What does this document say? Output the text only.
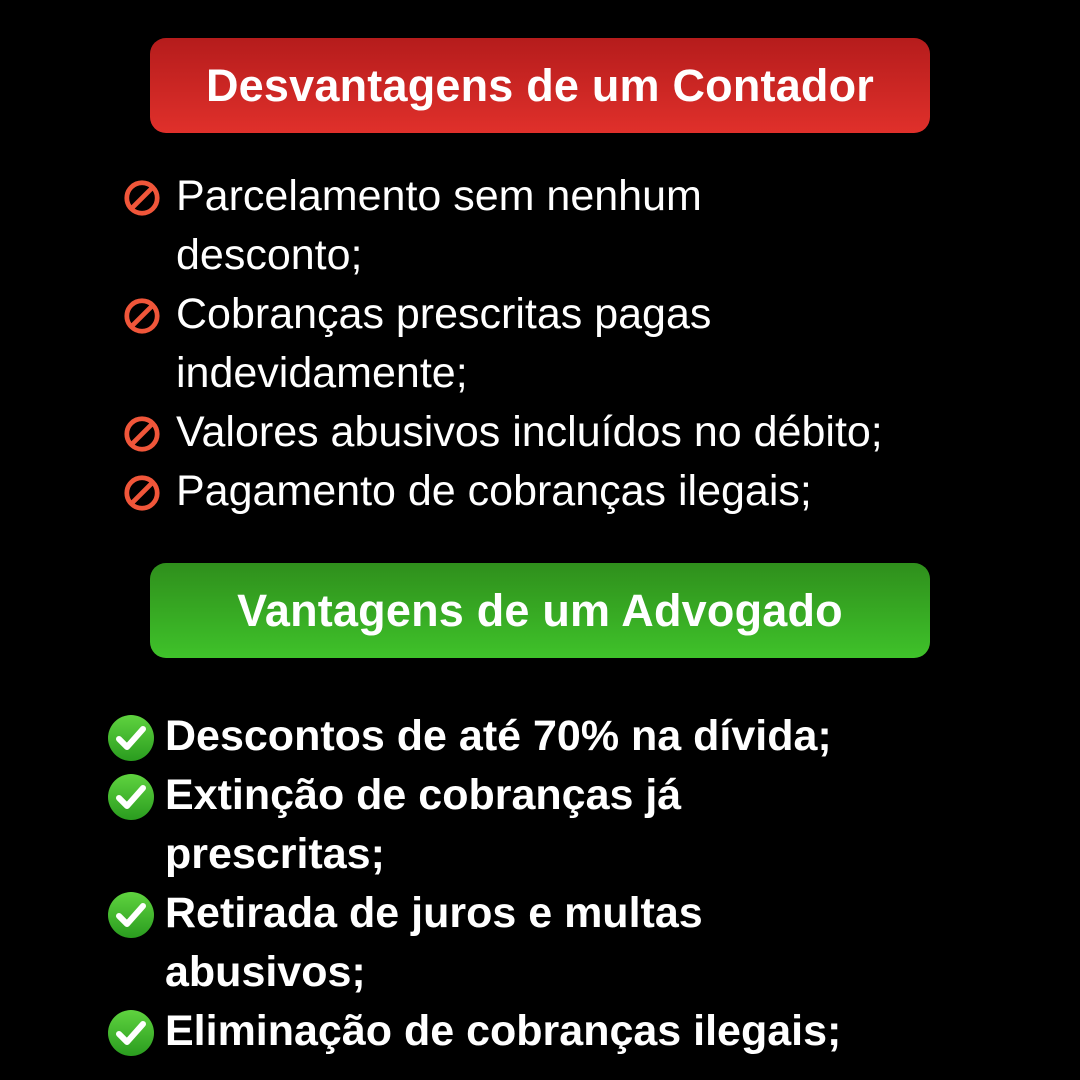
Desvantagens de um Contador
Parcelamento sem nenhum desconto;
Cobranças prescritas pagas indevidamente;
Valores abusivos incluídos no débito;
Pagamento de cobranças ilegais;
Vantagens de um Advogado
Descontos de até 70% na dívida;
Extinção de cobranças já prescritas;
Retirada de juros e multas abusivos;
Eliminação de cobranças ilegais;
